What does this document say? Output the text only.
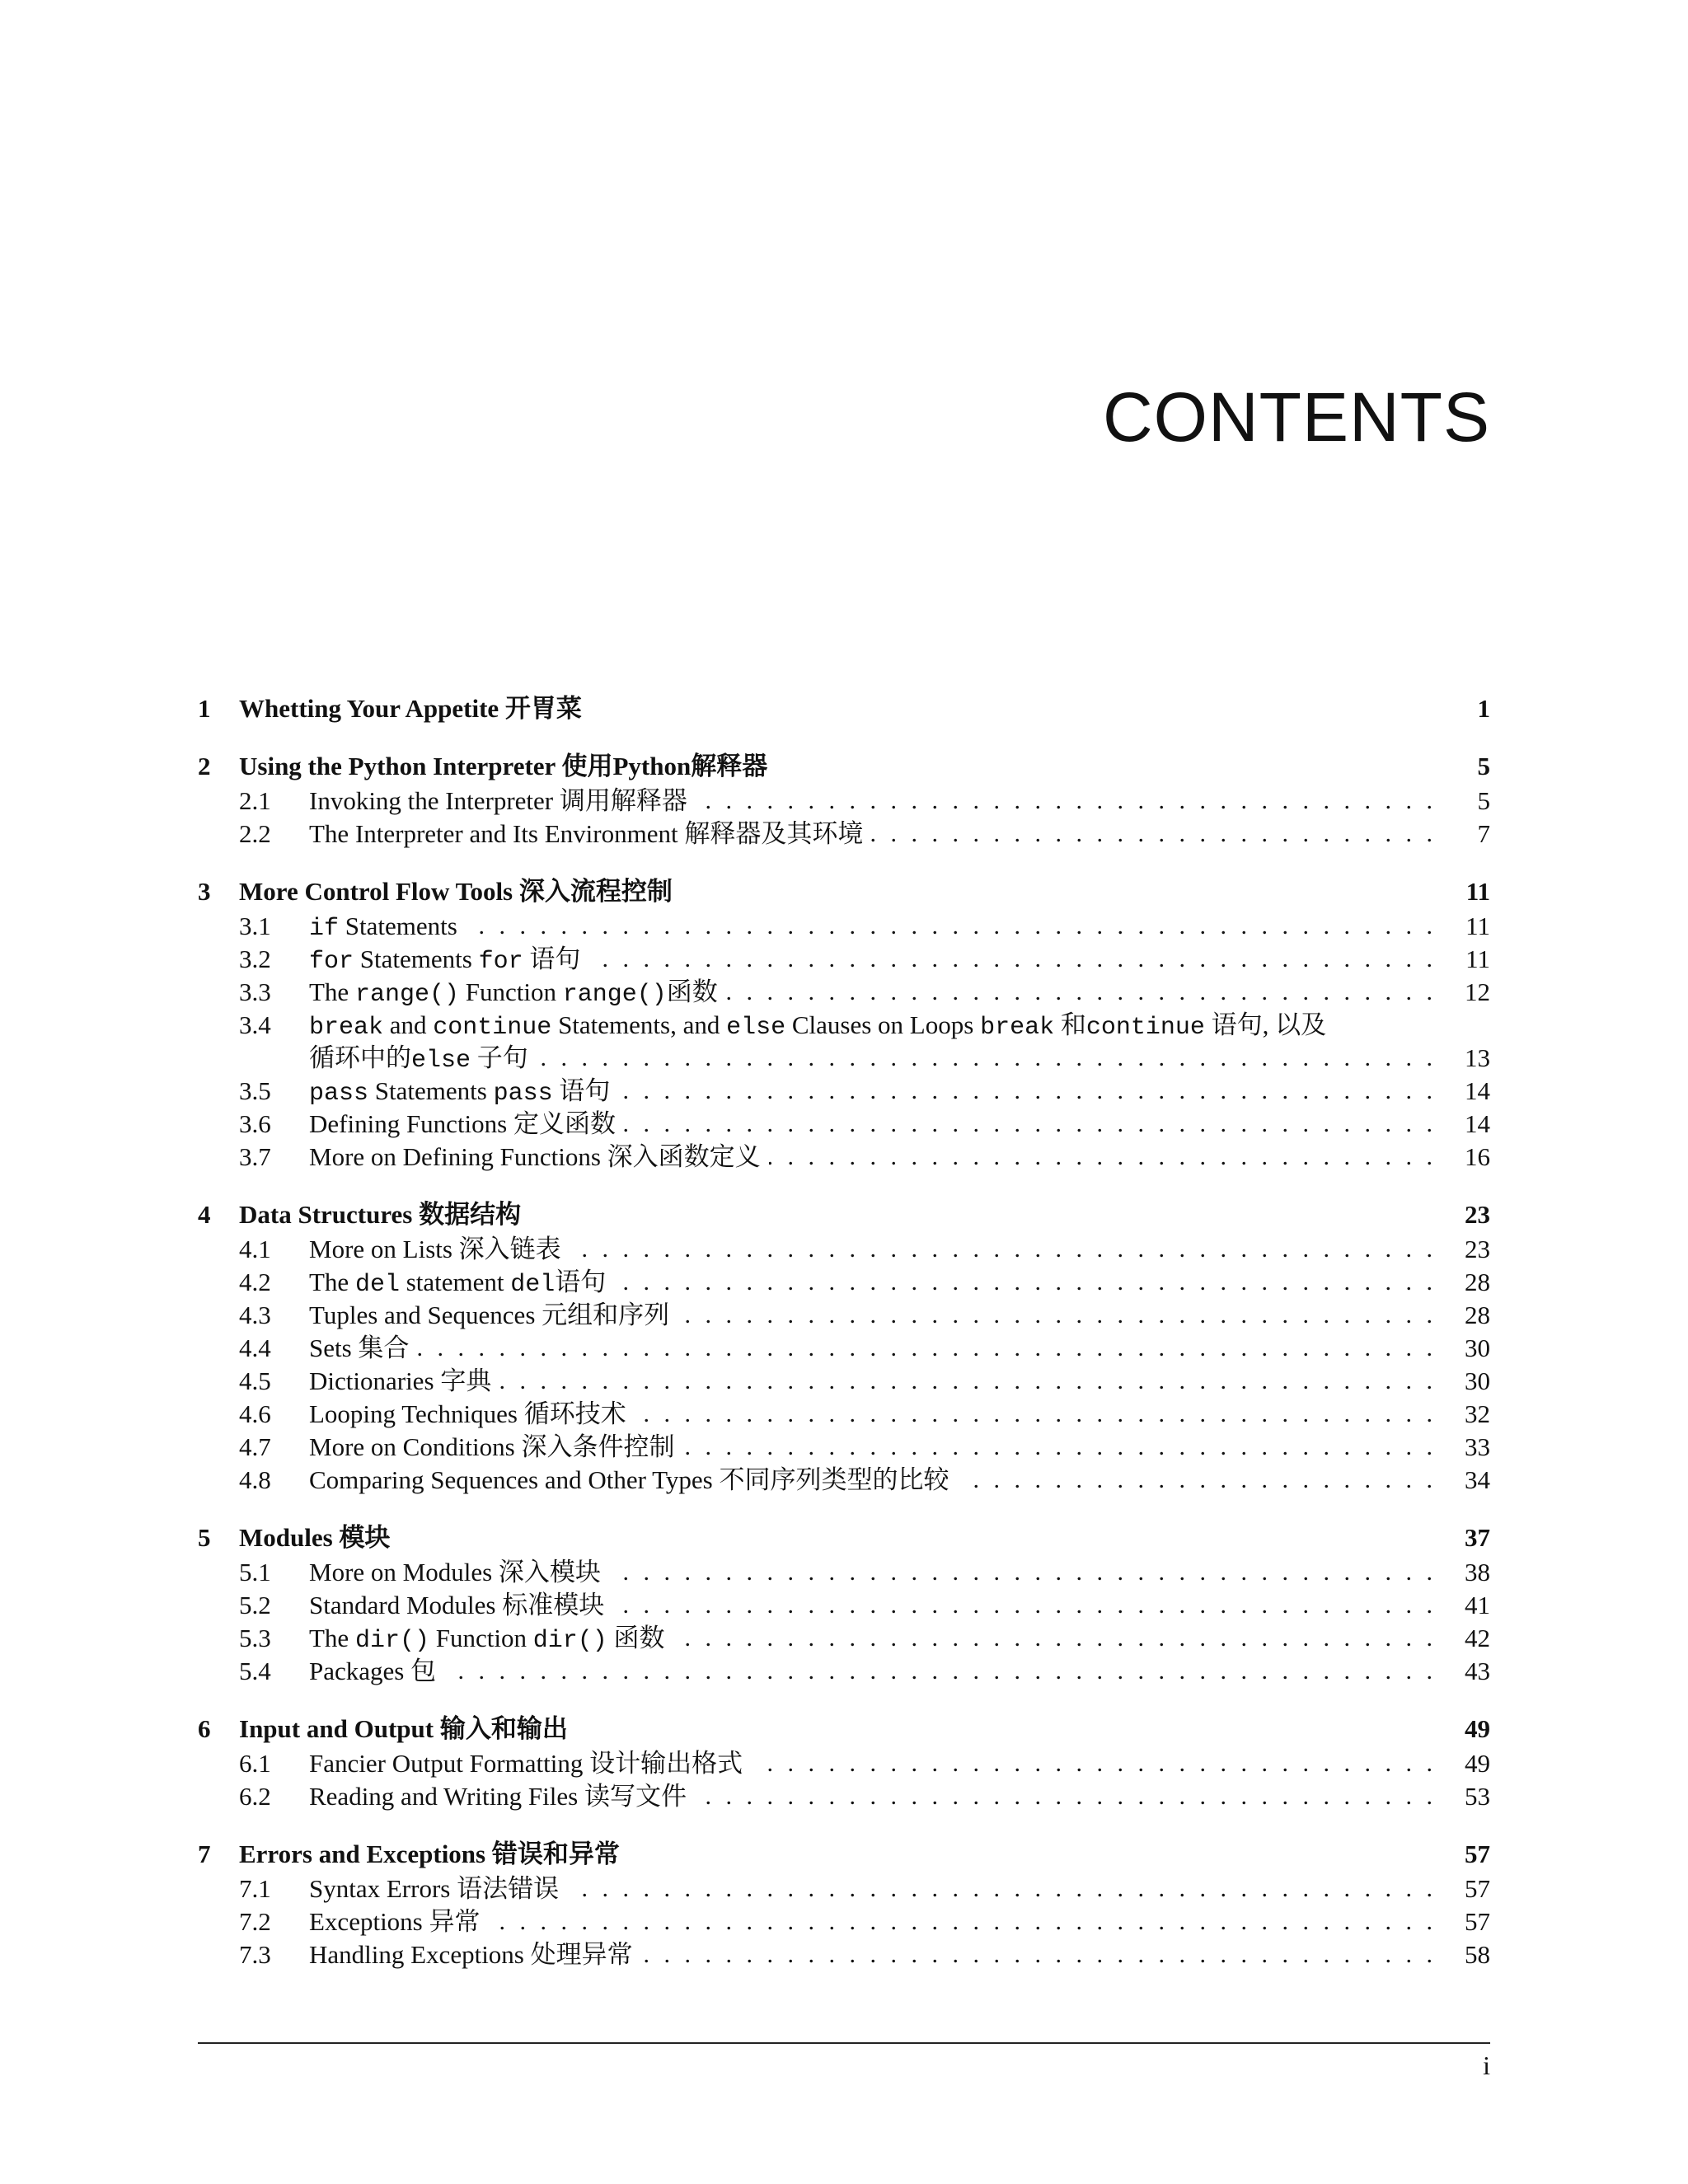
CONTENTS
1 Whetting Your Appetite 开胃菜	1
2 Using the Python Interpreter 使用Python解释器	5
2.1 . . . Invoking the Interpreter 调用解释器	5
2.2 . . . The Interpreter and Its Environment 解释器及其环境	7
3 More Control Flow Tools 深入流程控制	11
3.1 . . . if Statements	11
3.2 . . . for Statements for 语句	11
3.3 . . . The range() Function range()函数	12
3.4 break and continue Statements, and else Clauses on Loops break 和continue 语句, 以及
. . .
循环中的else 子句	13
3.5 . . . pass Statements pass 语句	14
3.6 . . . Defining Functions 定义函数	14
3.7 . . . More on Defining Functions 深入函数定义	16
4 Data Structures 数据结构	23
4.1 . . . More on Lists 深入链表	23
4.2 . . . The del statement del语句	28
4.3 . . . Tuples and Sequences 元组和序列	28
4.4 . . . Sets 集合	30
4.5 . . . Dictionaries 字典	30
4.6 . . . Looping Techniques 循环技术	32
4.7 . . . More on Conditions 深入条件控制	33
4.8 . . . Comparing Sequences and Other Types 不同序列类型的比较	34
5 Modules 模块	37
5.1 . . . More on Modules 深入模块	38
5.2 . . . Standard Modules 标准模块	41
5.3 . . . The dir() Function dir() 函数	42
5.4 . . . Packages 包	43
6 Input and Output 输入和输出	49
6.1 . . . Fancier Output Formatting 设计输出格式	49
6.2 . . . Reading and Writing Files 读写文件	53
7 Errors and Exceptions 错误和异常	57
7.1 . . . Syntax Errors 语法错误	57
7.2 . . . Exceptions 异常	57
7.3 . . . Handling Exceptions 处理异常	58
i
